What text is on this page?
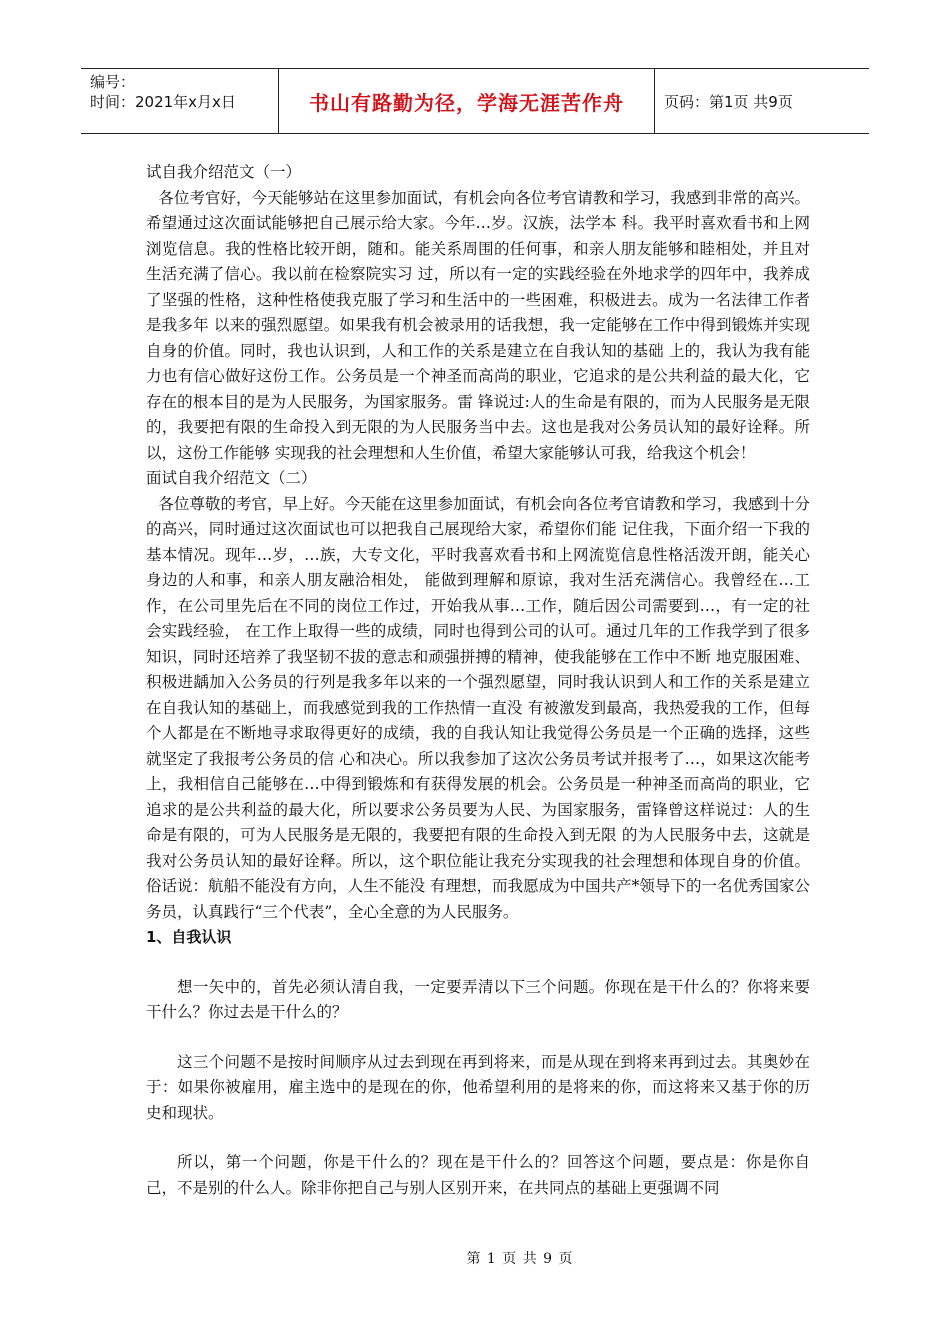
编号：
时间：2021年x月x日	书山有路勤为径，学海无涯苦作舟	页码：第1页 共9页

试自我介绍范文（一）

各位考官好，今天能够站在这里参加面试，有机会向各位考官请教和学习，我感到非常的高兴。希望通过这次面试能够把自己展示给大家。今年…岁。汉族，法学本 科。我平时喜欢看书和上网浏览信息。我的性格比较开朗，随和。能关系周围的任何事，和亲人朋友能够和睦相处，并且对生活充满了信心。我以前在检察院实习 过，所以有一定的实践经验在外地求学的四年中，我养成了坚强的性格，这种性格使我克服了学习和生活中的一些困难，积极进去。成为一名法律工作者是我多年 以来的强烈愿望。如果我有机会被录用的话我想，我一定能够在工作中得到锻炼并实现自身的价值。同时，我也认识到，人和工作的关系是建立在自我认知的基础 上的，我认为我有能力也有信心做好这份工作。公务员是一个神圣而高尚的职业，它追求的是公共利益的最大化，它存在的根本目的是为人民服务，为国家服务。雷 锋说过:人的生命是有限的，而为人民服务是无限的，我要把有限的生命投入到无限的为人民服务当中去。这也是我对公务员认知的最好诠释。所以，这份工作能够 实现我的社会理想和人生价值，希望大家能够认可我，给我这个机会！

面试自我介绍范文（二）

各位尊敬的考官，早上好。今天能在这里参加面试，有机会向各位考官请教和学习，我感到十分的高兴，同时通过这次面试也可以把我自己展现给大家，希望你们能 记住我，下面介绍一下我的基本情况。现年…岁，…族，大专文化，平时我喜欢看书和上网流览信息性格活泼开朗，能关心身边的人和事，和亲人朋友融洽相处， 能做到理解和原谅，我对生活充满信心。我曾经在…工作，在公司里先后在不同的岗位工作过，开始我从事…工作，随后因公司需要到…，有一定的社会实践经验， 在工作上取得一些的成绩，同时也得到公司的认可。通过几年的工作我学到了很多知识，同时还培养了我坚韧不拔的意志和顽强拼搏的精神，使我能够在工作中不断 地克服困难、积极进龋加入公务员的行列是我多年以来的一个强烈愿望，同时我认识到人和工作的关系是建立在自我认知的基础上，而我感觉到我的工作热情一直没 有被激发到最高，我热爱我的工作，但每个人都是在不断地寻求取得更好的成绩，我的自我认知让我觉得公务员是一个正确的选择，这些就坚定了我报考公务员的信 心和决心。所以我参加了这次公务员考试并报考了…，如果这次能考上，我相信自己能够在…中得到锻炼和有获得发展的机会。公务员是一种神圣而高尚的职业，它 追求的是公共利益的最大化，所以要求公务员要为人民、为国家服务，雷锋曾这样说过：人的生命是有限的，可为人民服务是无限的，我要把有限的生命投入到无限 的为人民服务中去，这就是我对公务员认知的最好诠释。所以，这个职位能让我充分实现我的社会理想和体现自身的价值。俗话说：航船不能没有方向，人生不能没 有理想，而我愿成为中国共产*领导下的一名优秀国家公务员，认真践行“三个代表”，全心全意的为人民服务。

1、自我认识

想一矢中的，首先必须认清自我，一定要弄清以下三个问题。你现在是干什么的？你将来要干什么？你过去是干什么的？

这三个问题不是按时间顺序从过去到现在再到将来，而是从现在到将来再到过去。其奥妙在于：如果你被雇用，雇主选中的是现在的你，他希望利用的是将来的你，而这将来又基于你的历史和现状。

所以，第一个问题，你是干什么的？现在是干什么的？回答这个问题，要点是：你是你自己，不是别的什么人。除非你把自己与别人区别开来，在共同点的基础上更强调不同

第 1 页 共 9 页
